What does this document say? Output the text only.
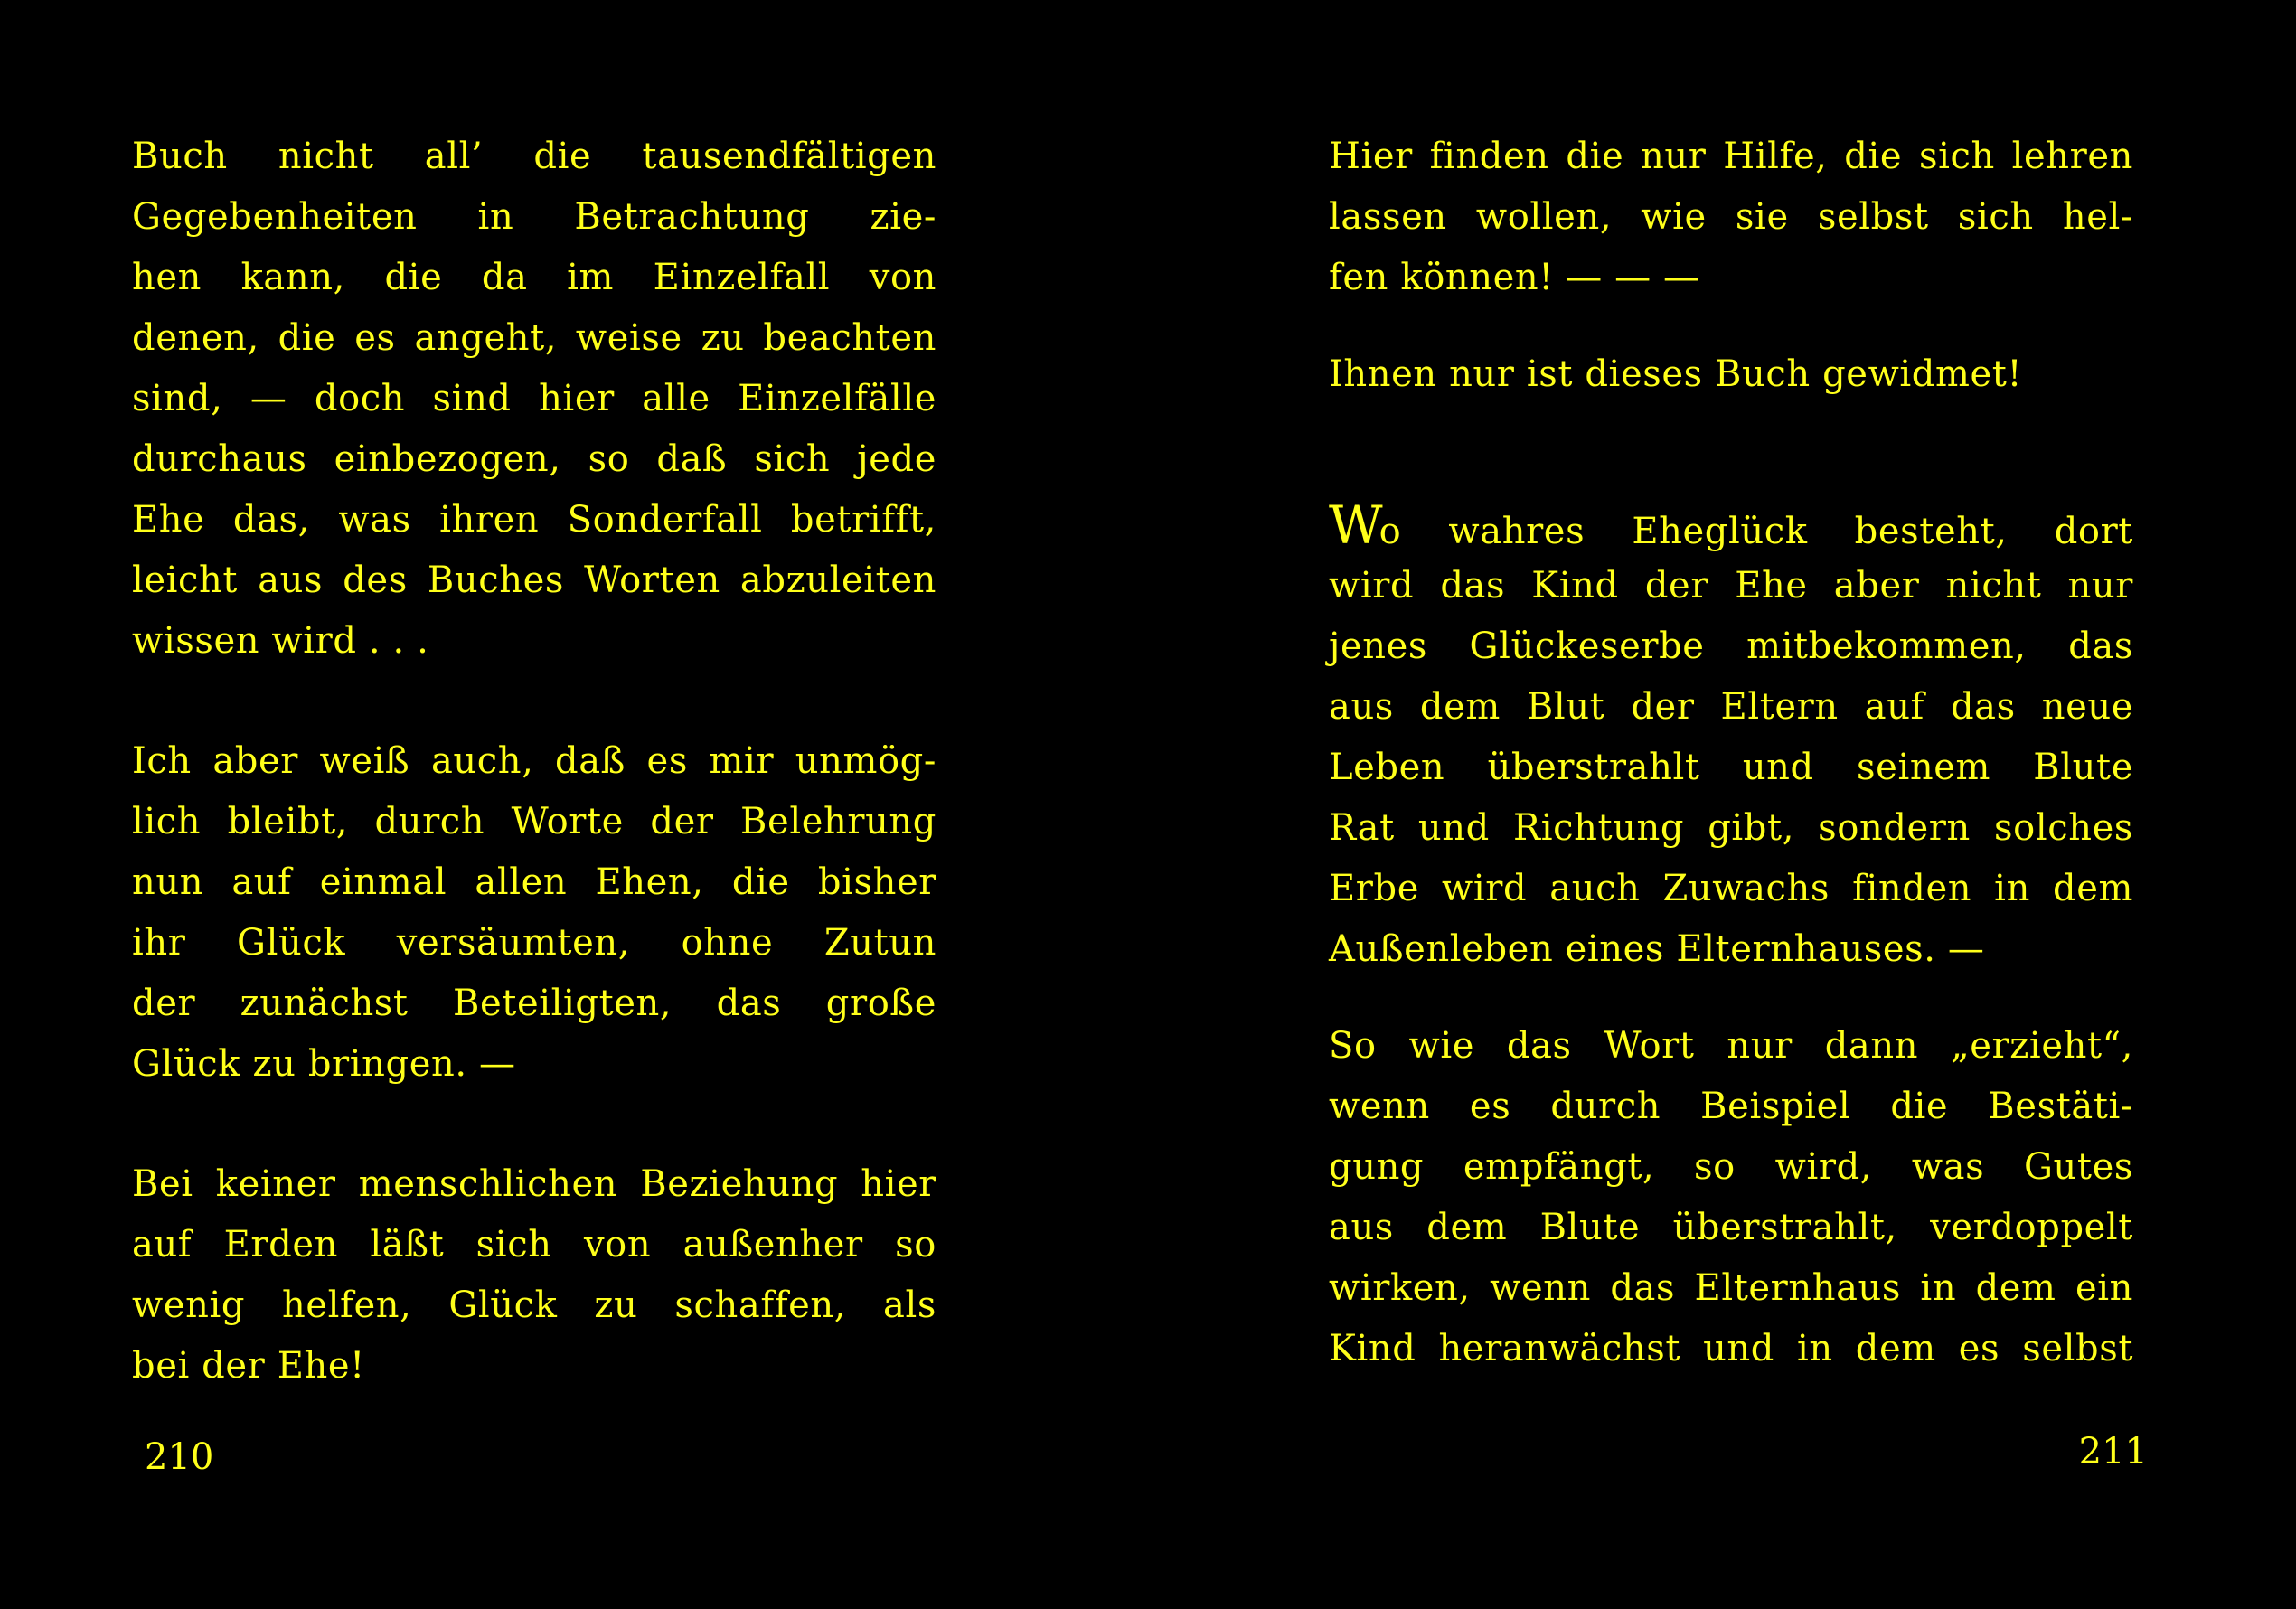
Buch nicht all’ die tausendfältigen
Gegebenheiten in Betrachtung zie-
hen kann, die da im Einzelfall von
denen, die es angeht, weise zu beachten
sind, — doch sind hier alle Einzelfälle
durchaus einbezogen, so daß sich jede
Ehe das, was ihren Sonderfall betrifft,
leicht aus des Buches Worten abzuleiten
wissen wird . . .
Ich aber weiß auch, daß es mir unmög-
lich bleibt, durch Worte der Belehrung
nun auf einmal allen Ehen, die bisher
ihr Glück versäumten, ohne Zutun
der zunächst Beteiligten, das große
Glück zu bringen. —
Bei keiner menschlichen Beziehung hier
auf Erden läßt sich von außenher so
wenig helfen, Glück zu schaffen, als
bei der Ehe!
210
Hier finden die nur Hilfe, die sich lehren
lassen wollen, wie sie selbst sich hel-
fen können! — — —
Ihnen nur ist dieses Buch gewidmet!
Wo wahres Eheglück besteht, dort
wird das Kind der Ehe aber nicht nur
jenes Glückeserbe mitbekommen, das
aus dem Blut der Eltern auf das neue
Leben überstrahlt und seinem Blute
Rat und Richtung gibt, sondern solches
Erbe wird auch Zuwachs finden in dem
Außenleben eines Elternhauses. —
So wie das Wort nur dann „erzieht“,
wenn es durch Beispiel die Bestäti-
gung empfängt, so wird, was Gutes
aus dem Blute überstrahlt, verdoppelt
wirken, wenn das Elternhaus in dem ein
Kind heranwächst und in dem es selbst
211
